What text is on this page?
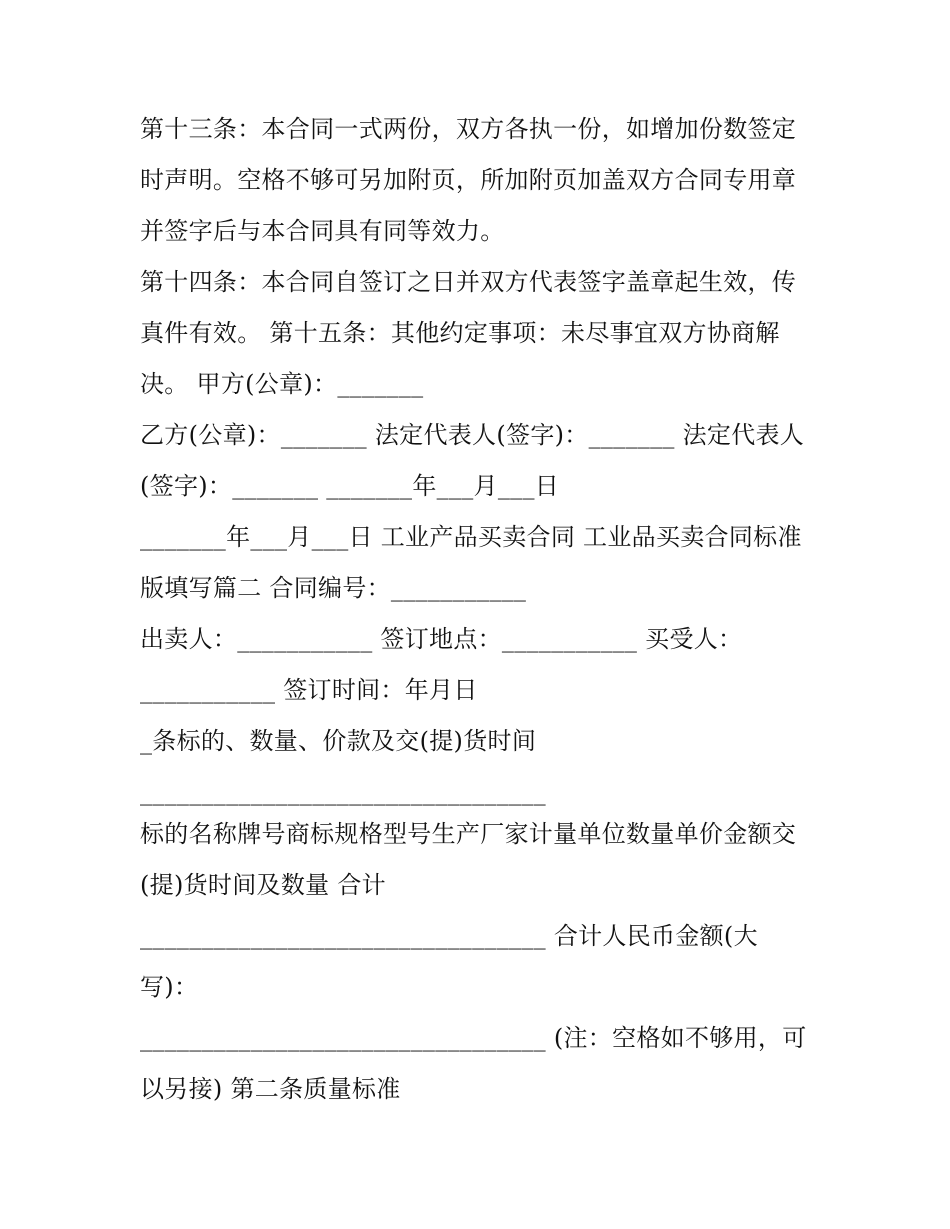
第十三条：本合同一式两份，双方各执一份，如增加份数签定
时声明。空格不够可另加附页，所加附页加盖双方合同专用章
并签字后与本合同具有同等效力。
第十四条：本合同自签订之日并双方代表签字盖章起生效，传
真件有效。 第十五条：其他约定事项：未尽事宜双方协商解
决。 甲方(公章)：_______
乙方(公章)：_______ 法定代表人(签字)：_______ 法定代表人
(签字)：_______ _______年___月___日
_______年___月___日 工业产品买卖合同 工业品买卖合同标准
版填写篇二 合同编号：___________
出卖人：___________ 签订地点：___________ 买受人：
___________ 签订时间：年月日
_条标的、数量、价款及交(提)货时间
_________________________________
标的名称牌号商标规格型号生产厂家计量单位数量单价金额交
(提)货时间及数量 合计
_________________________________ 合计人民币金额(大
写)：
_________________________________ (注：空格如不够用，可
以另接) 第二条质量标准
